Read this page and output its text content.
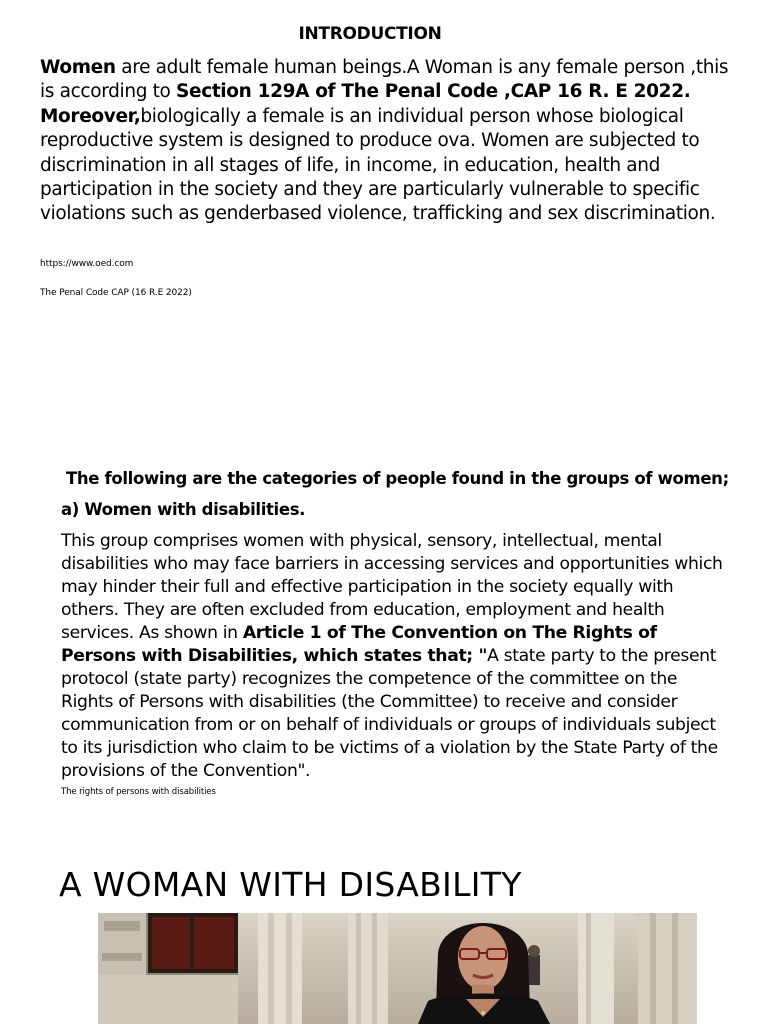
INTRODUCTION
Women are adult female human beings.A Woman is any female person ,this is according to Section 129A of The Penal Code ,CAP 16 R. E 2022. Moreover,biologically a female is an individual person whose biological reproductive system is designed to produce ova. Women are subjected to discrimination in all stages of life, in income, in education, health and participation in the society and they are particularly vulnerable to specific violations such as genderbased violence, trafficking and sex discrimination.
https://www.oed.com
The Penal Code CAP (16 R.E 2022)
The following are the categories of people found in the groups of women;
a) Women with disabilities.
This group comprises women with physical, sensory, intellectual, mental disabilities who may face barriers in accessing services and opportunities which may hinder their full and effective participation in the society equally with others. They are often excluded from education, employment and health services. As shown in Article 1 of The Convention on The Rights of Persons with Disabilities, which states that; "A state party to the present protocol (state party) recognizes the competence of the committee on the Rights of Persons with disabilities (the Committee) to receive and consider communication from or on behalf of individuals or groups of individuals subject to its jurisdiction who claim to be victims of a violation by the State Party of the provisions of the Convention".
The rights of persons with disabilities
A WOMAN WITH DISABILITY
